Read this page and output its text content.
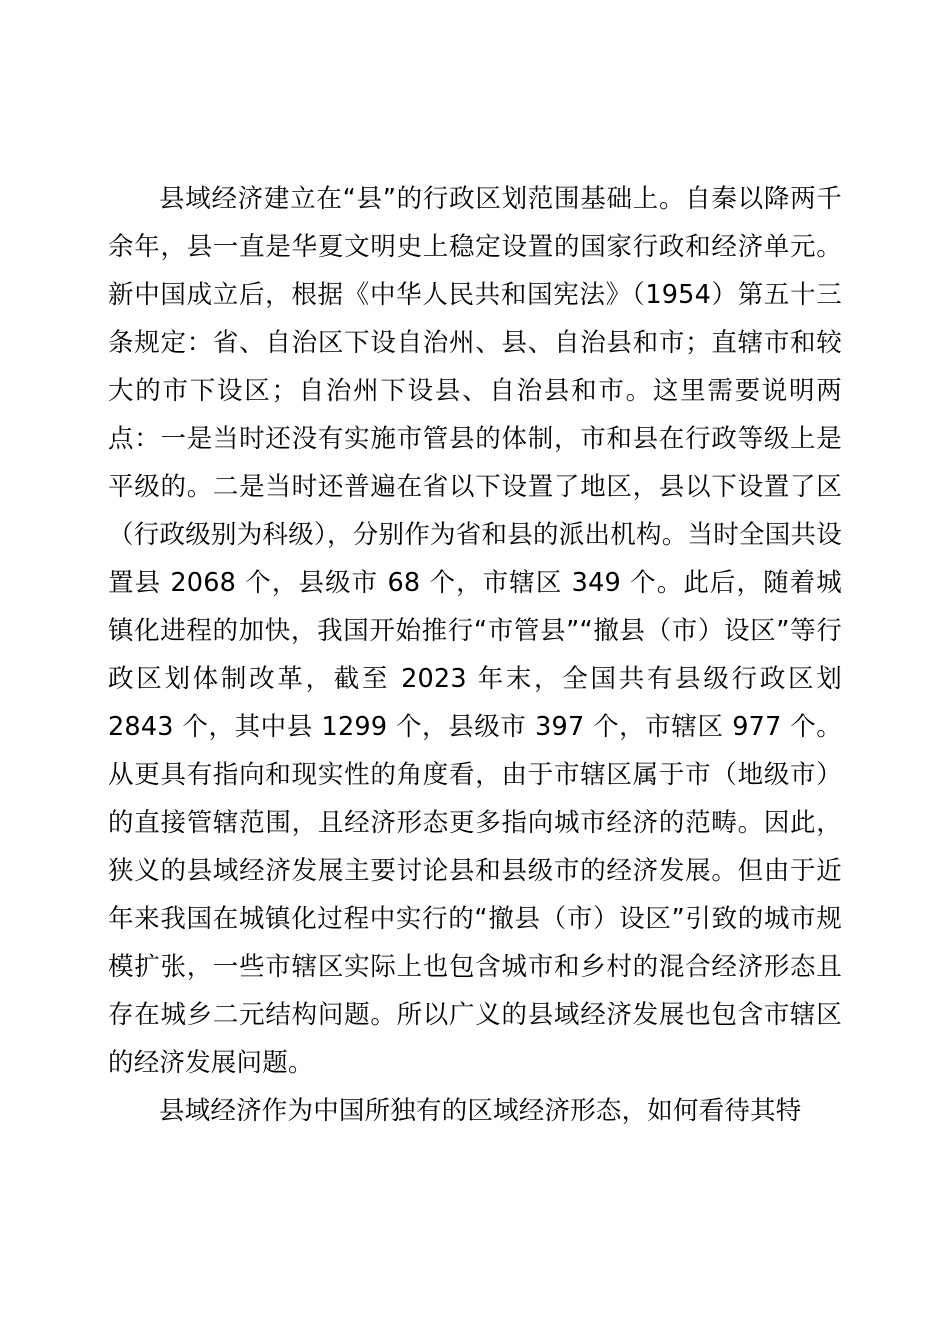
县域经济建立在“县”的行政区划范围基础上。自秦以降两千余年，县一直是华夏文明史上稳定设置的国家行政和经济单元。新中国成立后，根据《中华人民共和国宪法》（1954）第五十三条规定：省、自治区下设自治州、县、自治县和市；直辖市和较大的市下设区；自治州下设县、自治县和市。这里需要说明两点：一是当时还没有实施市管县的体制，市和县在行政等级上是平级的。二是当时还普遍在省以下设置了地区，县以下设置了区（行政级别为科级），分别作为省和县的派出机构。当时全国共设置县 2068 个，县级市 68 个，市辖区 349 个。此后，随着城镇化进程的加快，我国开始推行“市管县”“撤县（市）设区”等行政区划体制改革，截至 2023 年末，全国共有县级行政区划 2843 个，其中县 1299 个，县级市 397 个，市辖区 977 个。从更具有指向和现实性的角度看，由于市辖区属于市（地级市）的直接管辖范围，且经济形态更多指向城市经济的范畴。因此，狭义的县域经济发展主要讨论县和县级市的经济发展。但由于近年来我国在城镇化过程中实行的“撤县（市）设区”引致的城市规模扩张，一些市辖区实际上也包含城市和乡村的混合经济形态且存在城乡二元结构问题。所以广义的县域经济发展也包含市辖区的经济发展问题。

县域经济作为中国所独有的区域经济形态，如何看待其特
